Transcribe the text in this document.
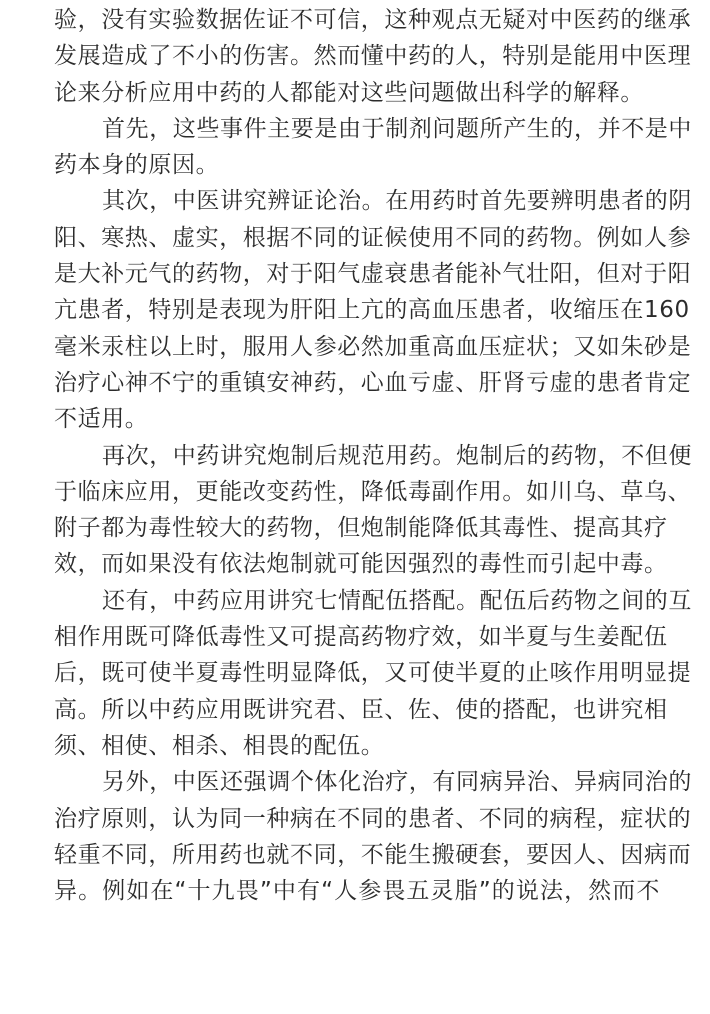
验，没有实验数据佐证不可信，这种观点无疑对中医药的继承
发展造成了不小的伤害。然而懂中药的人，特别是能用中医理
论来分析应用中药的人都能对这些问题做出科学的解释。
首先，这些事件主要是由于制剂问题所产生的，并不是中
药本身的原因。
其次，中医讲究辨证论治。在用药时首先要辨明患者的阴
阳、寒热、虚实，根据不同的证候使用不同的药物。例如人参
是大补元气的药物，对于阳气虚衰患者能补气壮阳，但对于阳
亢患者，特别是表现为肝阳上亢的高血压患者，收缩压在160
毫米汞柱以上时，服用人参必然加重高血压症状；又如朱砂是
治疗心神不宁的重镇安神药，心血亏虚、肝肾亏虚的患者肯定
不适用。
再次，中药讲究炮制后规范用药。炮制后的药物，不但便
于临床应用，更能改变药性，降低毒副作用。如川乌、草乌、
附子都为毒性较大的药物，但炮制能降低其毒性、提高其疗
效，而如果没有依法炮制就可能因强烈的毒性而引起中毒。
还有，中药应用讲究七情配伍搭配。配伍后药物之间的互
相作用既可降低毒性又可提高药物疗效，如半夏与生姜配伍
后，既可使半夏毒性明显降低，又可使半夏的止咳作用明显提
高。所以中药应用既讲究君、臣、佐、使的搭配，也讲究相
须、相使、相杀、相畏的配伍。
另外，中医还强调个体化治疗，有同病异治、异病同治的
治疗原则，认为同一种病在不同的患者、不同的病程，症状的
轻重不同，所用药也就不同，不能生搬硬套，要因人、因病而
异。例如在“十九畏”中有“人参畏五灵脂”的说法，然而不
